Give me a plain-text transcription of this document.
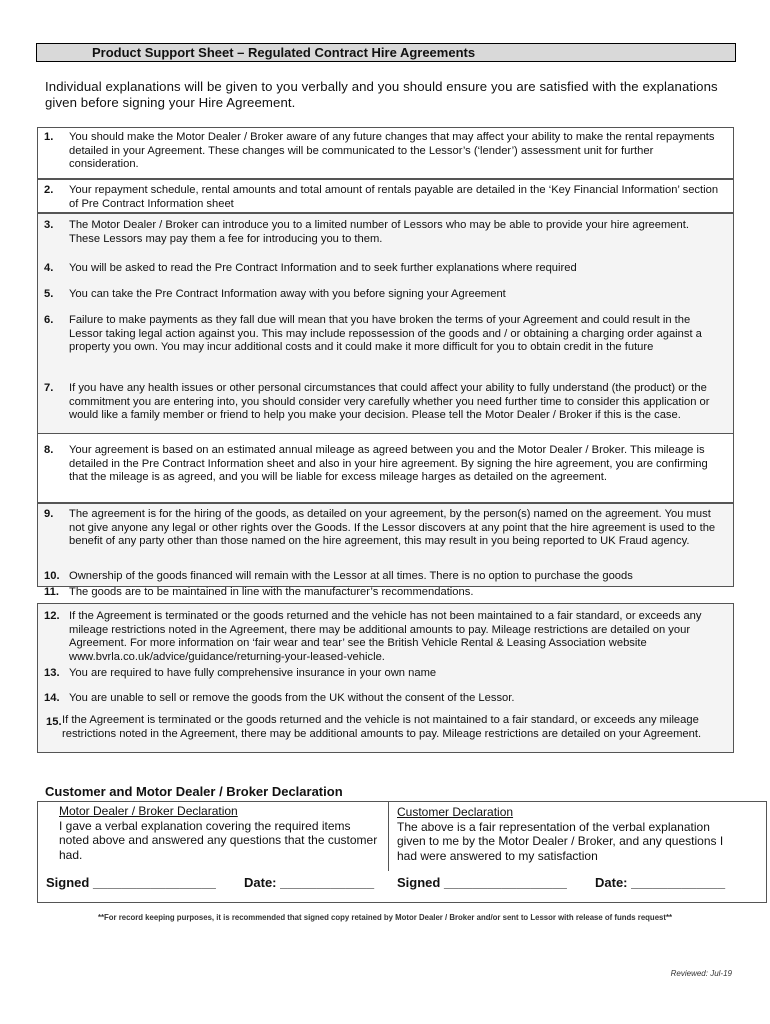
Product Support Sheet – Regulated Contract Hire Agreements
Individual explanations will be given to you verbally and you should ensure you are satisfied with the explanations given before signing your Hire Agreement.
1. You should make the Motor Dealer / Broker aware of any future changes that may affect your ability to make the rental repayments detailed in your Agreement. These changes will be communicated to the Lessor’s (‘lender’) assessment unit for further consideration.
2. Your repayment schedule, rental amounts and total amount of rentals payable are detailed in the ‘Key Financial Information’ section of Pre Contract Information sheet
3. The Motor Dealer / Broker can introduce you to a limited number of Lessors who may be able to provide your hire agreement. These Lessors may pay them a fee for introducing you to them.
4. You will be asked to read the Pre Contract Information and to seek further explanations where required
5. You can take the Pre Contract Information away with you before signing your Agreement
6. Failure to make payments as they fall due will mean that you have broken the terms of your Agreement and could result in the Lessor taking legal action against you. This may include repossession of the goods and / or obtaining a charging order against a property you own. You may incur additional costs and it could make it more difficult for you to obtain credit in the future
7. If you have any health issues or other personal circumstances that could affect your ability to fully understand (the product) or the commitment you are entering into, you should consider very carefully whether you need further time to consider this application or would like a family member or friend to help you make your decision. Please tell the Motor Dealer / Broker if this is the case.
8. Your agreement is based on an estimated annual mileage as agreed between you and the Motor Dealer / Broker. This mileage is detailed in the Pre Contract Information sheet and also in your hire agreement. By signing the hire agreement, you are confirming that the mileage is as agreed, and you will be liable for excess mileage harges as detailed on the agreement.
9. The agreement is for the hiring of the goods, as detailed on your agreement, by the person(s) named on the agreement. You must not give anyone any legal or other rights over the Goods. If the Lessor discovers at any point that the hire agreement is used to the benefit of any party other than those named on the hire agreement, this may result in you being reported to UK Fraud agency.
10. Ownership of the goods financed will remain with the Lessor at all times. There is no option to purchase the goods
11. The goods are to be maintained in line with the manufacturer’s recommendations.
12. If the Agreement is terminated or the goods returned and the vehicle has not been maintained to a fair standard, or exceeds any mileage restrictions noted in the Agreement, there may be additional amounts to pay. Mileage restrictions are detailed on your Agreement. For more information on ‘fair wear and tear’ see the British Vehicle Rental & Leasing Association website www.bvrla.co.uk/advice/guidance/returning-your-leased-vehicle.
13. You are required to have fully comprehensive insurance in your own name
14. You are unable to sell or remove the goods from the UK without the consent of the Lessor.
15. If the Agreement is terminated or the goods returned and the vehicle is not maintained to a fair standard, or exceeds any mileage restrictions noted in the Agreement, there may be additional amounts to pay. Mileage restrictions are detailed on your Agreement.
Customer and Motor Dealer / Broker Declaration
Motor Dealer / Broker Declaration
I gave a verbal explanation covering the required items noted above and answered any questions that the customer had.
Customer Declaration
The above is a fair representation of the verbal explanation given to me by the Motor Dealer / Broker, and any questions I had were answered to my satisfaction
Signed _________________ Date: _____________ Signed _________________ Date: _____________
**For record keeping purposes, it is recommended that signed copy retained by Motor Dealer / Broker and/or sent to Lessor with release of funds request**
Reviewed: Jul-19
